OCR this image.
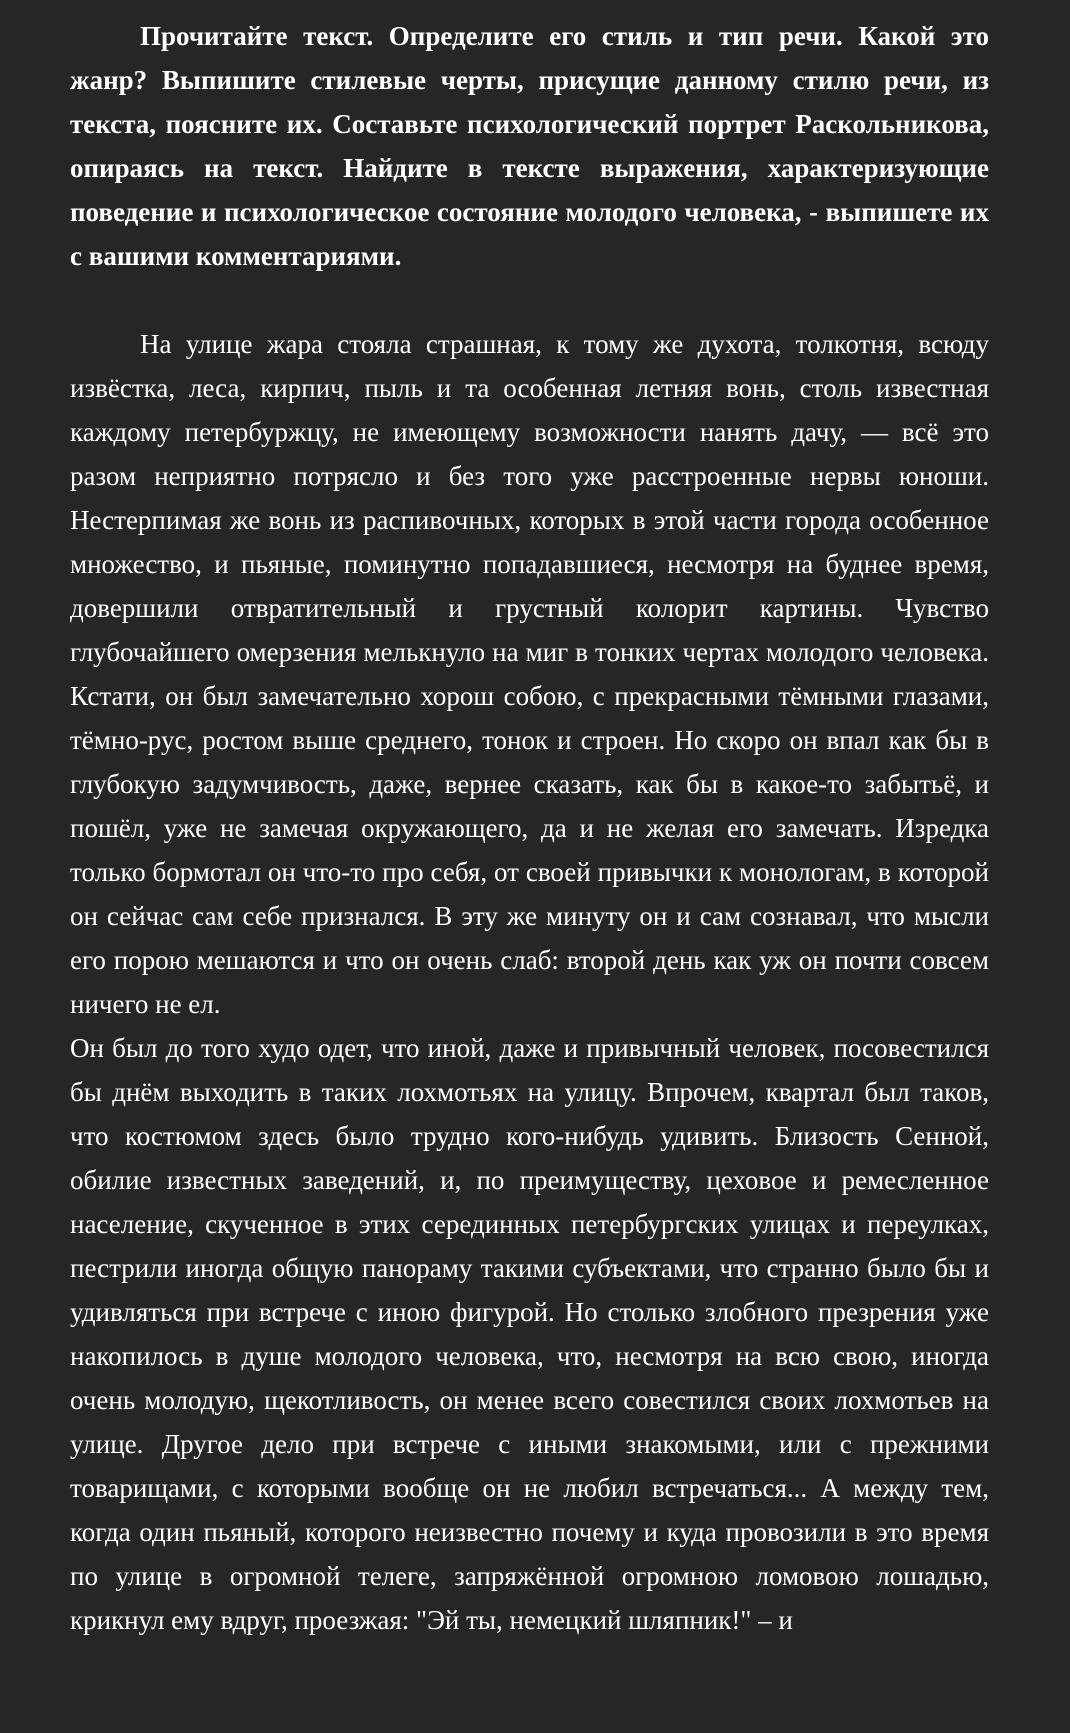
Прочитайте текст. Определите его стиль и тип речи. Какой это жанр? Выпишите стилевые черты, присущие данному стилю речи, из текста, поясните их. Составьте психологический портрет Раскольникова, опираясь на текст. Найдите в тексте выражения, характеризующие поведение и психологическое состояние молодого человека, - выпишете их с вашими комментариями.

На улице жара стояла страшная, к тому же духота, толкотня, всюду извёстка, леса, кирпич, пыль и та особенная летняя вонь, столь известная каждому петербуржцу, не имеющему возможности нанять дачу, — всё это разом неприятно потрясло и без того уже расстроенные нервы юноши. Нестерпимая же вонь из распивочных, которых в этой части города особенное множество, и пьяные, поминутно попадавшиеся, несмотря на буднее время, довершили отвратительный и грустный колорит картины. Чувство глубочайшего омерзения мелькнуло на миг в тонких чертах молодого человека. Кстати, он был замечательно хорош собою, с прекрасными тёмными глазами, тёмно-рус, ростом выше среднего, тонок и строен. Но скоро он впал как бы в глубокую задумчивость, даже, вернее сказать, как бы в какое-то забытьё, и пошёл, уже не замечая окружающего, да и не желая его замечать. Изредка только бормотал он что-то про себя, от своей привычки к монологам, в которой он сейчас сам себе признался. В эту же минуту он и сам сознавал, что мысли его порою мешаются и что он очень слаб: второй день как уж он почти совсем ничего не ел.

Он был до того худо одет, что иной, даже и привычный человек, посовестился бы днём выходить в таких лохмотьях на улицу. Впрочем, квартал был таков, что костюмом здесь было трудно кого-нибудь удивить. Близость Сенной, обилие известных заведений, и, по преимуществу, цеховое и ремесленное население, скученное в этих серединных петербургских улицах и переулках, пестрили иногда общую панораму такими субъектами, что странно было бы и удивляться при встрече с иною фигурой. Но столько злобного презрения уже накопилось в душе молодого человека, что, несмотря на всю свою, иногда очень молодую, щекотливость, он менее всего совестился своих лохмотьев на улице. Другое дело при встрече с иными знакомыми, или с прежними товарищами, с которыми вообще он не любил встречаться... А между тем, когда один пьяный, которого неизвестно почему и куда провозили в это время по улице в огромной телеге, запряжённой огромною ломовою лошадью, крикнул ему вдруг, проезжая: "Эй ты, немецкий шляпник!" – и
